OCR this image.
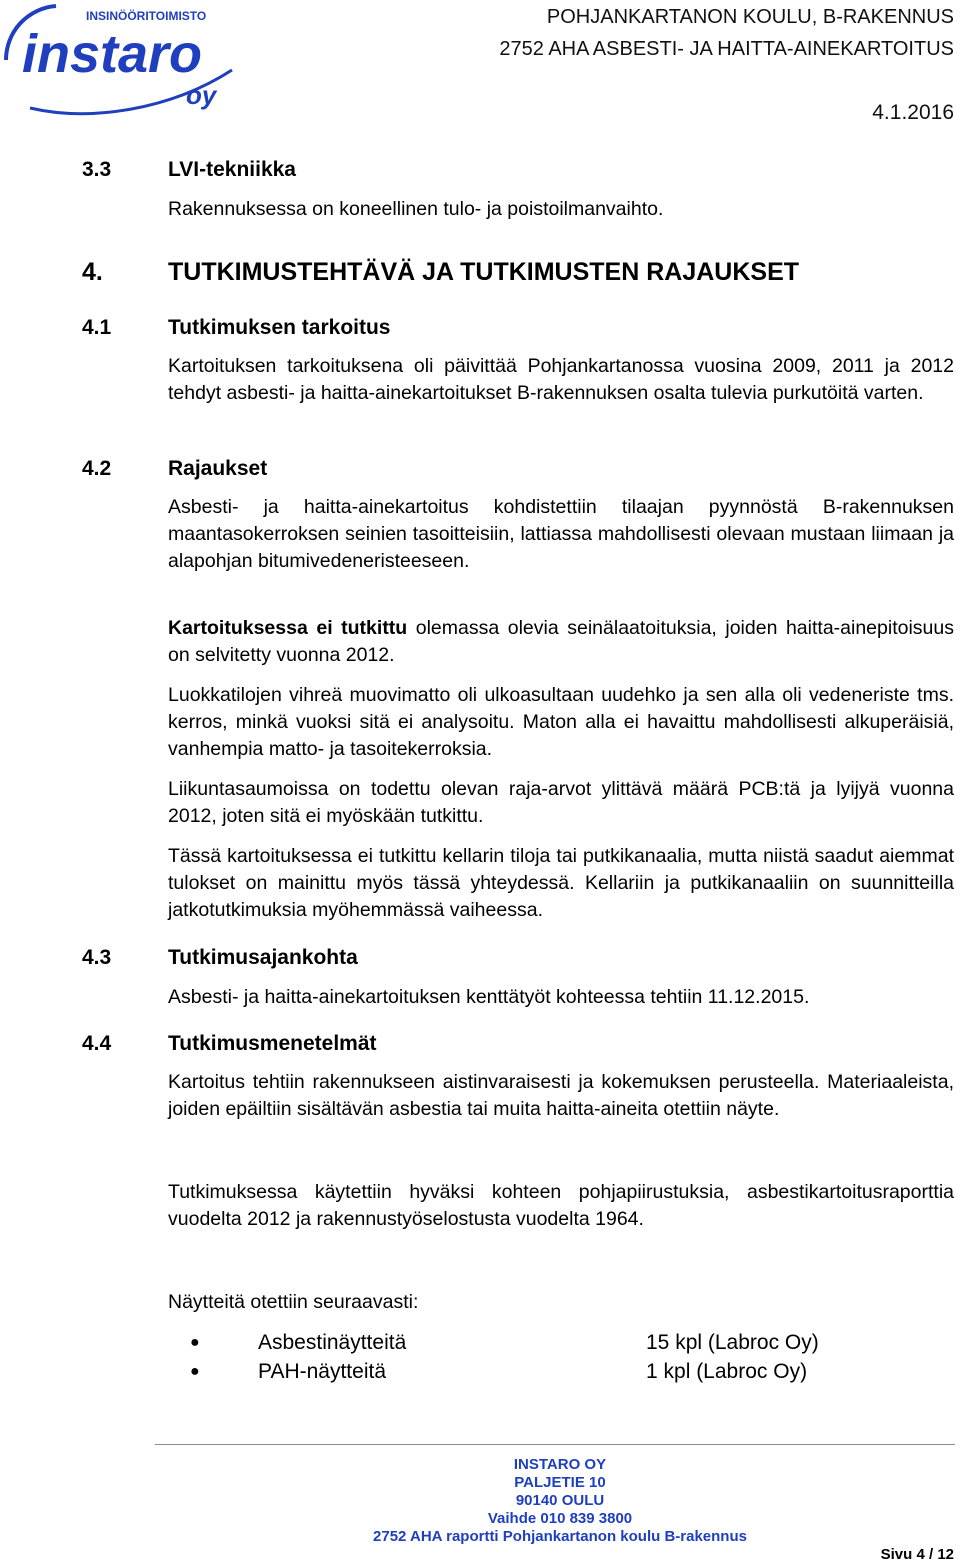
INSINÖÖRITOIMISTO
instaro
oy
POHJANKARTANON KOULU, B-RAKENNUS
2752 AHA ASBESTI- JA HAITTA-AINEKARTOITUS
4.1.2016
3.3	LVI-tekniikka
Rakennuksessa on koneellinen tulo- ja poistoilmanvaihto.
4.	TUTKIMUSTEHTÄVÄ JA TUTKIMUSTEN RAJAUKSET
4.1	Tutkimuksen tarkoitus
Kartoituksen tarkoituksena oli päivittää Pohjankartanossa vuosina 2009, 2011 ja 2012 tehdyt asbesti- ja haitta-ainekartoitukset B-rakennuksen osalta tulevia purkutöitä varten.
4.2	Rajaukset
Asbesti- ja haitta-ainekartoitus kohdistettiin tilaajan pyynnöstä B-rakennuksen maantasokerroksen seinien tasoitteisiin, lattiassa mahdollisesti olevaan mustaan liimaan ja alapohjan bitumivedeneristeeseen.
Kartoituksessa ei tutkittu olemassa olevia seinälaatoituksia, joiden haitta-ainepitoisuus on selvitetty vuonna 2012.
Luokkatilojen vihreä muovimatto oli ulkoasultaan uudehko ja sen alla oli vedeneriste tms. kerros, minkä vuoksi sitä ei analysoitu. Maton alla ei havaittu mahdollisesti alkuperäisiä, vanhempia matto- ja tasoitekerroksia.
Liikuntasaumoissa on todettu olevan raja-arvot ylittävä määrä PCB:tä ja lyijyä vuonna 2012, joten sitä ei myöskään tutkittu.
Tässä kartoituksessa ei tutkittu kellarin tiloja tai putkikanaalia, mutta niistä saadut aiemmat tulokset on mainittu myös tässä yhteydessä. Kellariin ja putkikanaaliin on suunnitteilla jatkotutkimuksia myöhemmässä vaiheessa.
4.3	Tutkimusajankohta
Asbesti- ja haitta-ainekartoituksen kenttätyöt kohteessa tehtiin 11.12.2015.
4.4	Tutkimusmenetelmät
Kartoitus tehtiin rakennukseen aistinvaraisesti ja kokemuksen perusteella. Materiaaleista, joiden epäiltiin sisältävän asbestia tai muita haitta-aineita otettiin näyte.
Tutkimuksessa käytettiin hyväksi kohteen pohjapiirustuksia, asbestikartoitusraporttia vuodelta 2012 ja rakennustyöselostusta vuodelta 1964.
Näytteitä otettiin seuraavasti:
●	Asbestinäytteitä	15 kpl (Labroc Oy)
●	PAH-näytteitä	1 kpl (Labroc Oy)
INSTARO OY
PALJETIE 10
90140 OULU
Vaihde 010 839 3800
2752 AHA raportti Pohjankartanon koulu B-rakennus
Sivu 4 / 12
